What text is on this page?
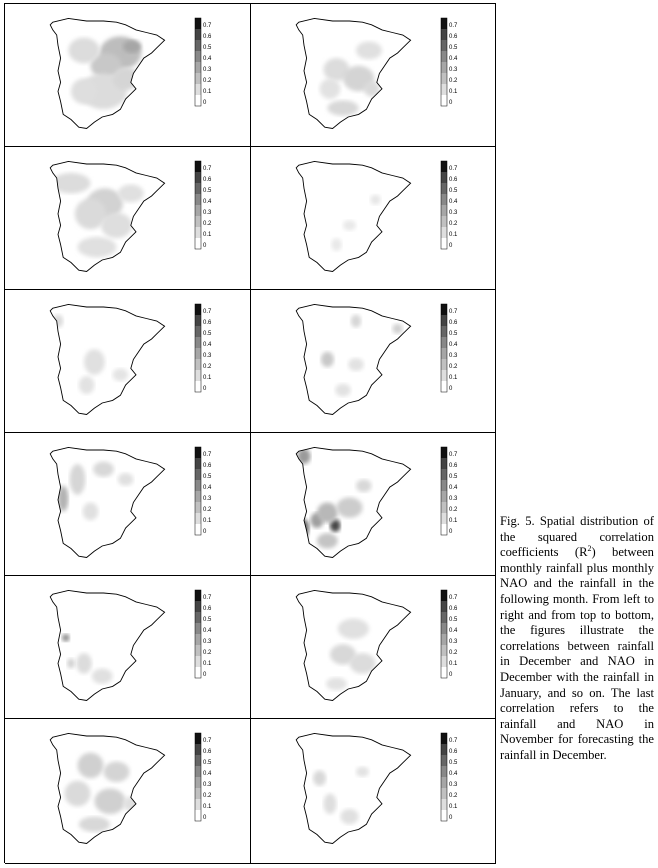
0.7
0.6
0.5
0.4
0.3
0.2
0.1
0
0.7
0.6
0.5
0.4
0.3
0.2
0.1
0
0.7
0.6
0.5
0.4
0.3
0.2
0.1
0
0.7
0.6
0.5
0.4
0.3
0.2
0.1
0
0.7
0.6
0.5
0.4
0.3
0.2
0.1
0
0.7
0.6
0.5
0.4
0.3
0.2
0.1
0
0.7
0.6
0.5
0.4
0.3
0.2
0.1
0
0.7
0.6
0.5
0.4
0.3
0.2
0.1
0
0.7
0.6
0.5
0.4
0.3
0.2
0.1
0
0.7
0.6
0.5
0.4
0.3
0.2
0.1
0
0.7
0.6
0.5
0.4
0.3
0.2
0.1
0
0.7
0.6
0.5
0.4
0.3
0.2
0.1
0
Fig. 5. Spatial distribution of the squared correlation coefficients $(R^2)$ between monthly rainfall plus monthly NAO and the rainfall in the following month. From left to right and from top to bottom, the figures illustrate the correlations between rainfall in December and NAO in December with the rainfall in January, and so on. The last correlation refers to the rainfall and NAO in November for forecasting the rainfall in December.
